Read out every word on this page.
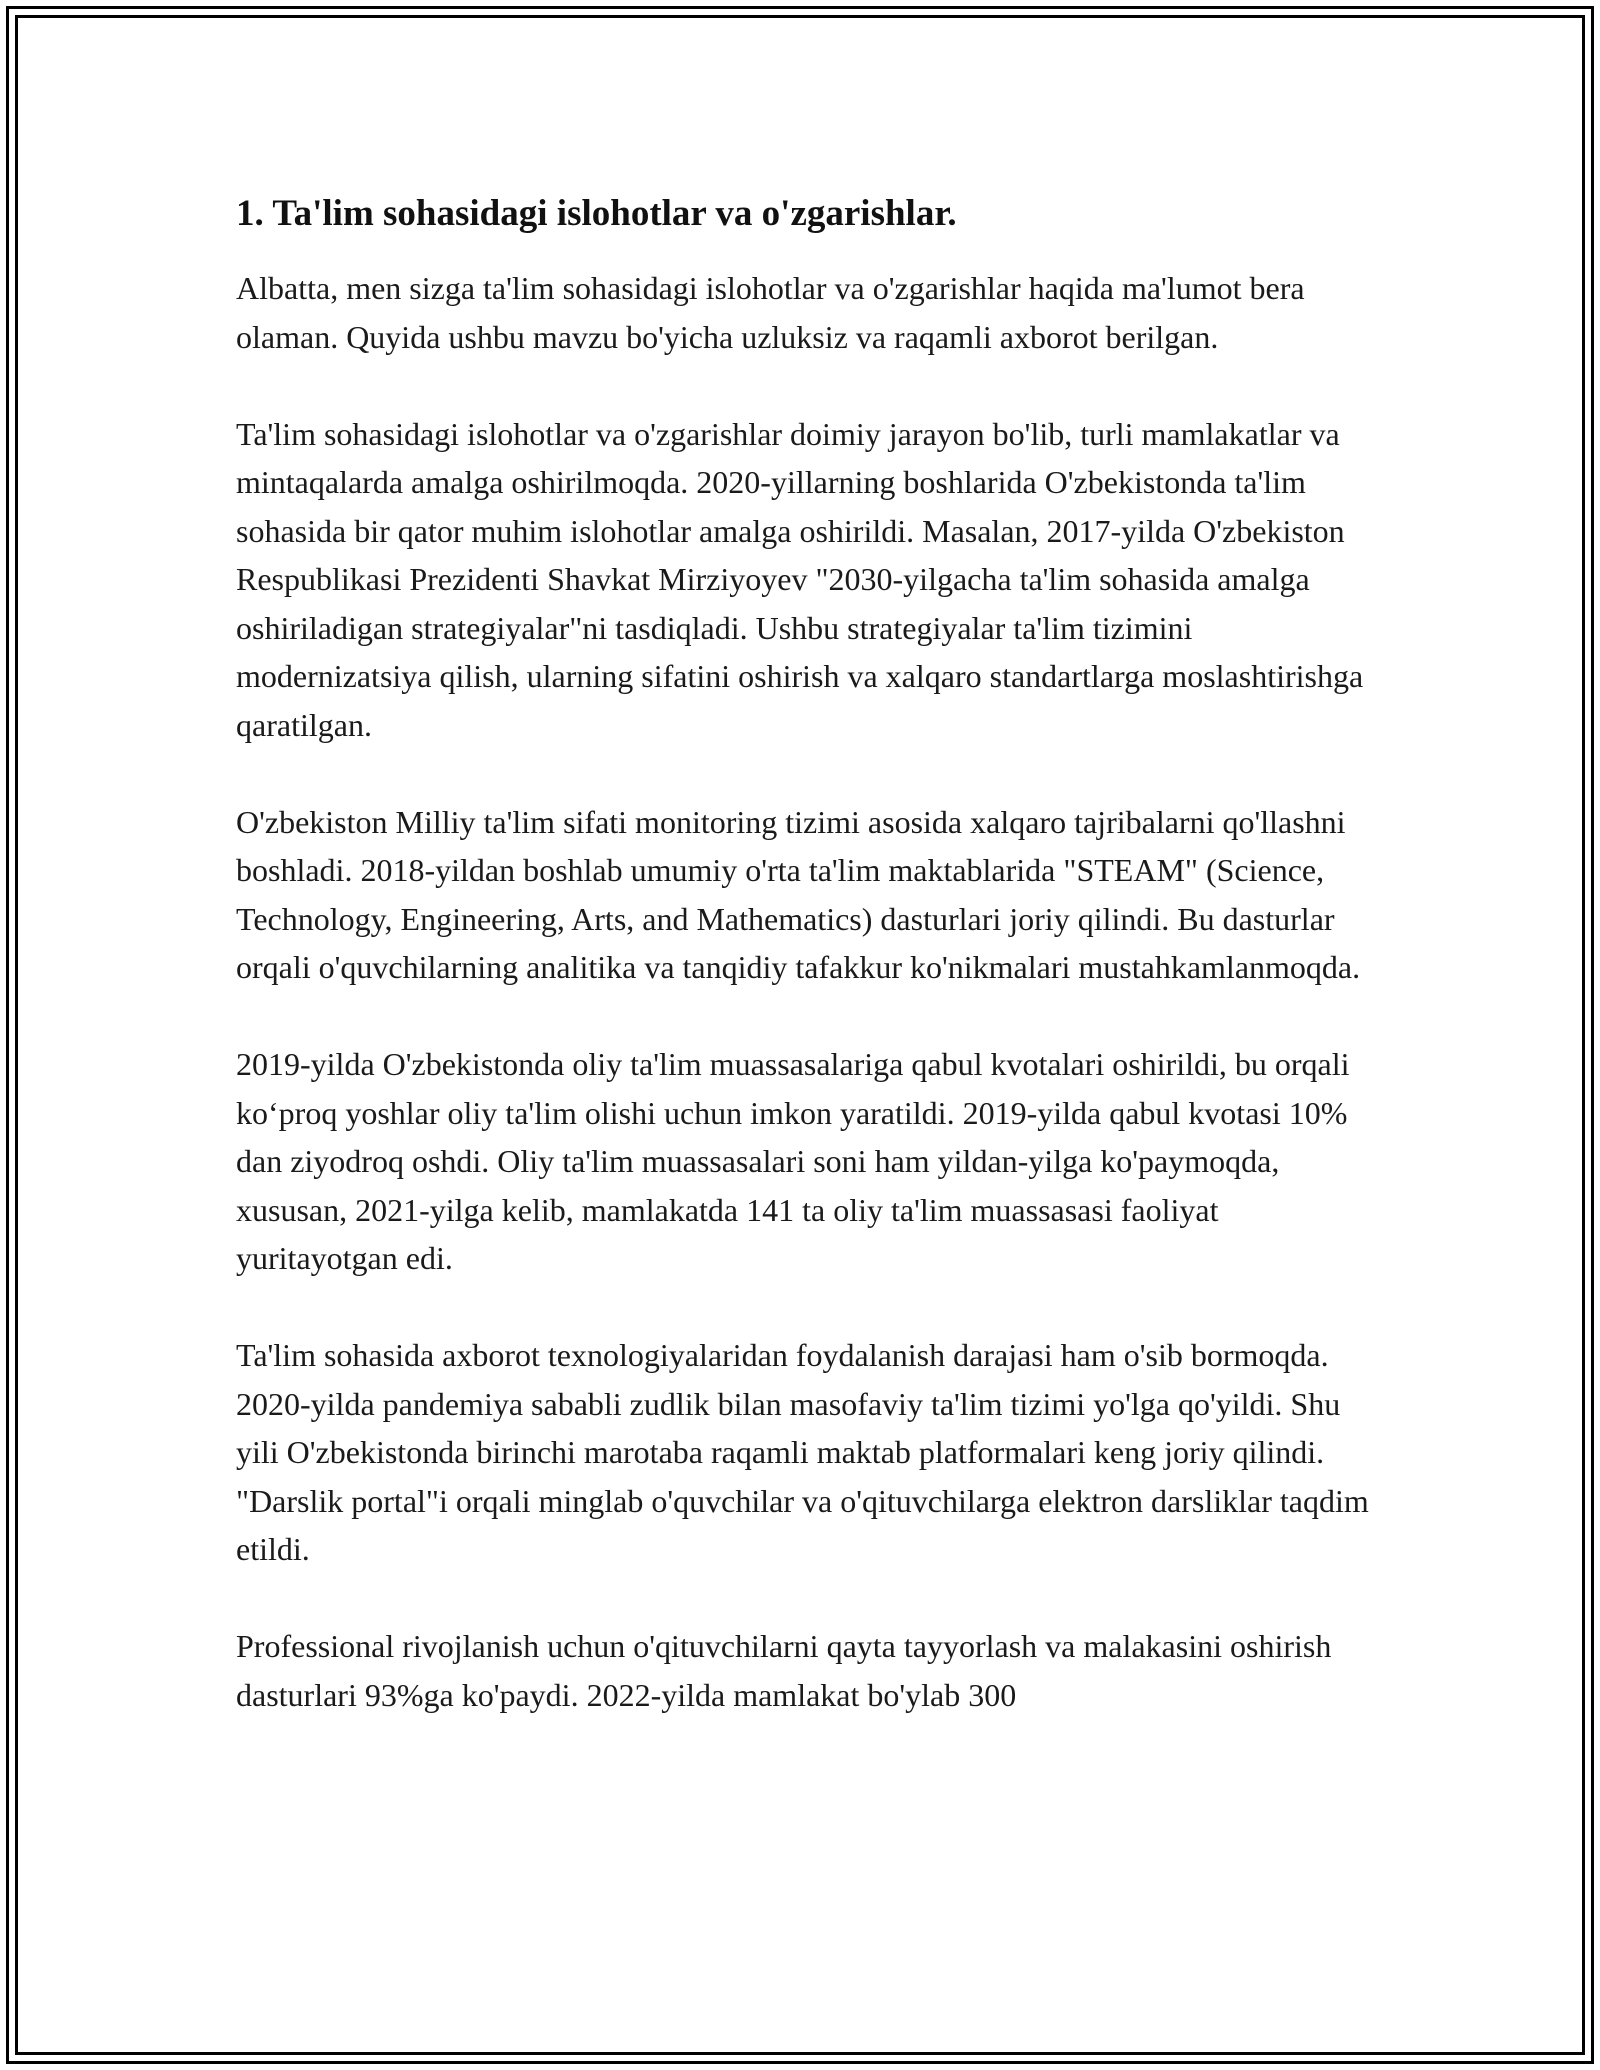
1. Ta'lim sohasidagi islohotlar va o'zgarishlar.

Albatta, men sizga ta'lim sohasidagi islohotlar va o'zgarishlar haqida ma'lumot bera olaman. Quyida ushbu mavzu bo'yicha uzluksiz va raqamli axborot berilgan.

Ta'lim sohasidagi islohotlar va o'zgarishlar doimiy jarayon bo'lib, turli mamlakatlar va mintaqalarda amalga oshirilmoqda. 2020-yillarning boshlarida O'zbekistonda ta'lim sohasida bir qator muhim islohotlar amalga oshirildi. Masalan, 2017-yilda O'zbekiston Respublikasi Prezidenti Shavkat Mirziyoyev "2030-yilgacha ta'lim sohasida amalga oshiriladigan strategiyalar"ni tasdiqladi. Ushbu strategiyalar ta'lim tizimini modernizatsiya qilish, ularning sifatini oshirish va xalqaro standartlarga moslashtirishga qaratilgan.

O'zbekiston Milliy ta'lim sifati monitoring tizimi asosida xalqaro tajribalarni qo'llashni boshladi. 2018-yildan boshlab umumiy o'rta ta'lim maktablarida "STEAM" (Science, Technology, Engineering, Arts, and Mathematics) dasturlari joriy qilindi. Bu dasturlar orqali o'quvchilarning analitika va tanqidiy tafakkur ko'nikmalari mustahkamlanmoqda.

2019-yilda O'zbekistonda oliy ta'lim muassasalariga qabul kvotalari oshirildi, bu orqali ko‘proq yoshlar oliy ta'lim olishi uchun imkon yaratildi. 2019-yilda qabul kvotasi 10% dan ziyodroq oshdi. Oliy ta'lim muassasalari soni ham yildan-yilga ko'paymoqda, xususan, 2021-yilga kelib, mamlakatda 141 ta oliy ta'lim muassasasi faoliyat yuritayotgan edi.

Ta'lim sohasida axborot texnologiyalaridan foydalanish darajasi ham o'sib bormoqda. 2020-yilda pandemiya sababli zudlik bilan masofaviy ta'lim tizimi yo'lga qo'yildi. Shu yili O'zbekistonda birinchi marotaba raqamli maktab platformalari keng joriy qilindi. "Darslik portal"i orqali minglab o'quvchilar va o'qituvchilarga elektron darsliklar taqdim etildi.

Professional rivojlanish uchun o'qituvchilarni qayta tayyorlash va malakasini oshirish dasturlari 93%ga ko'paydi. 2022-yilda mamlakat bo'ylab 300
